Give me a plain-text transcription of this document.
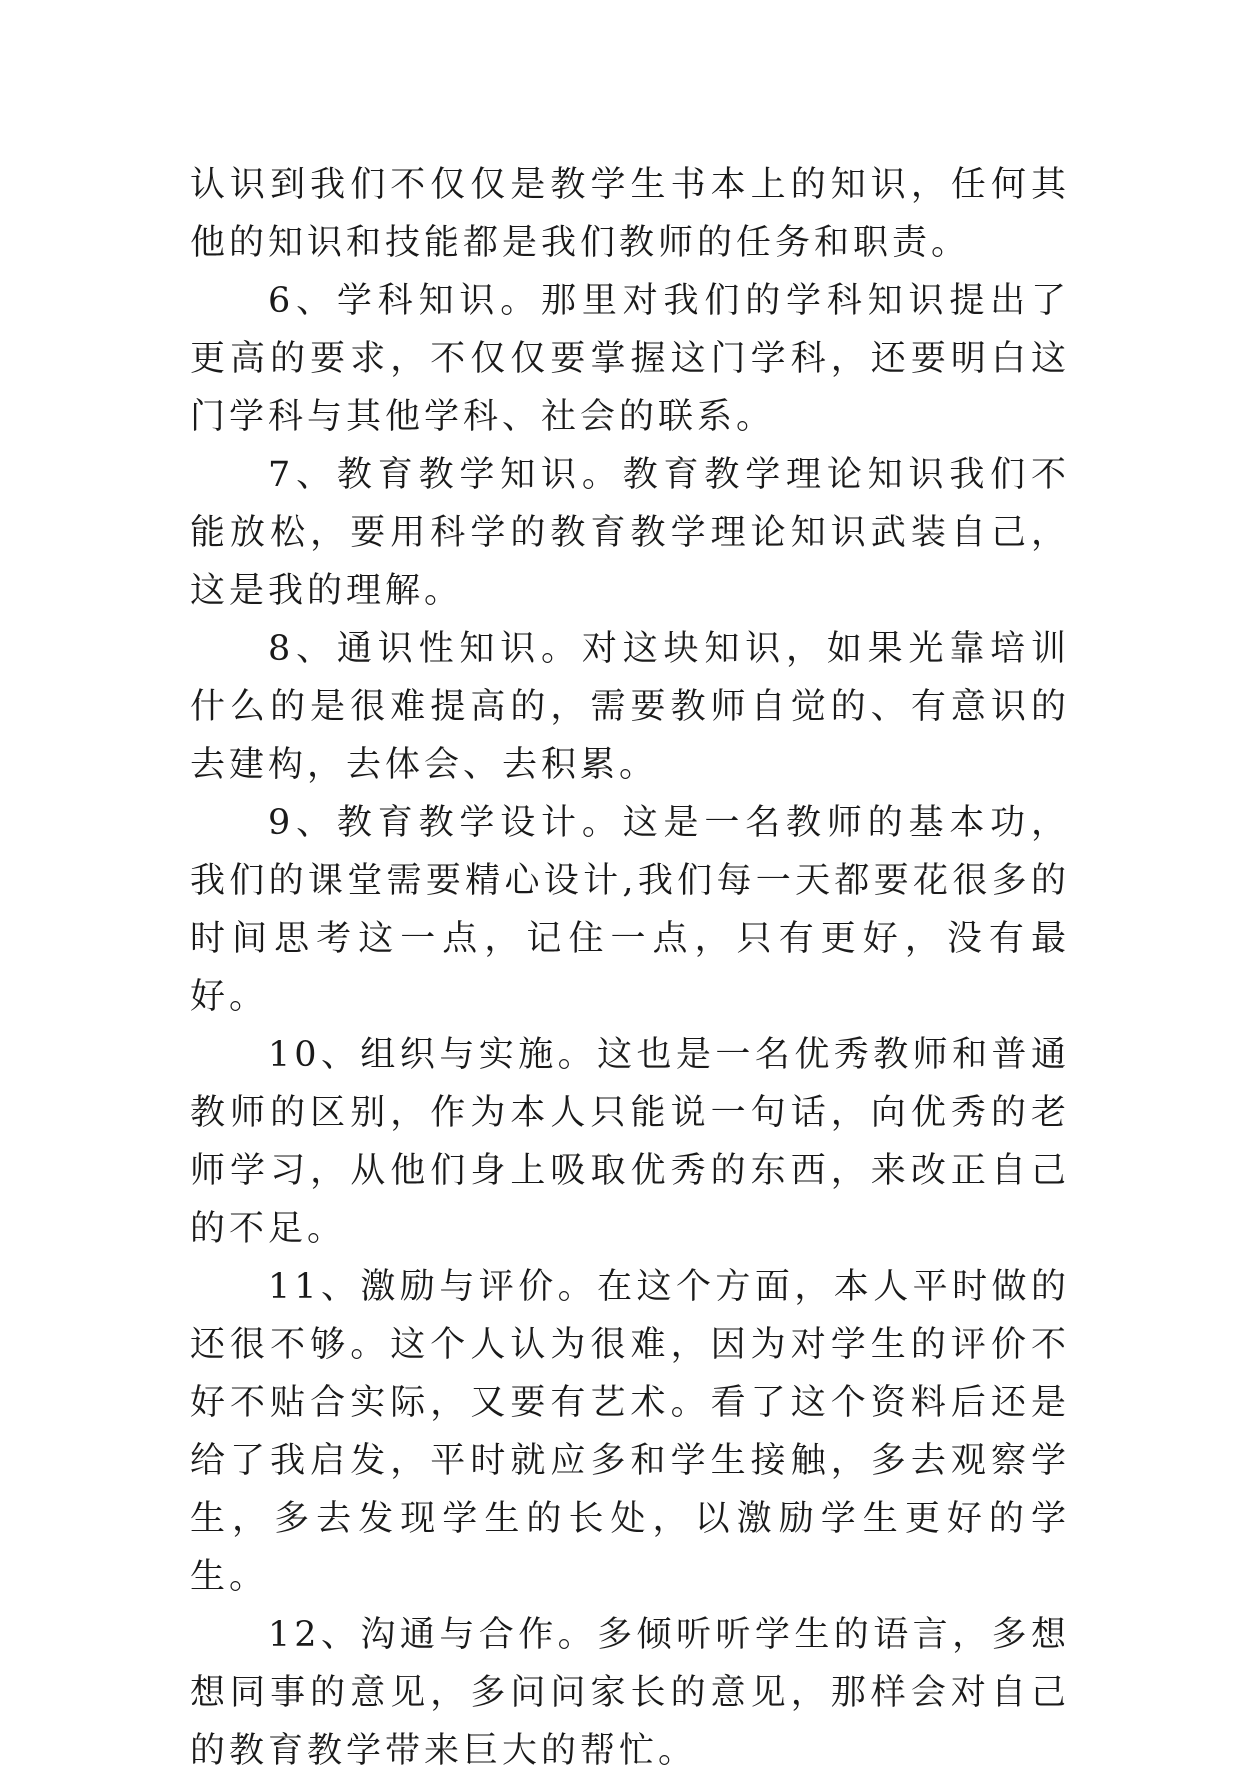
认识到我们不仅仅是教学生书本上的知识，任何其他的知识和技能都是我们教师的任务和职责。

6、学科知识。那里对我们的学科知识提出了更高的要求，不仅仅要掌握这门学科，还要明白这门学科与其他学科、社会的联系。

7、教育教学知识。教育教学理论知识我们不能放松，要用科学的教育教学理论知识武装自己，这是我的理解。

8、通识性知识。对这块知识，如果光靠培训什么的是很难提高的，需要教师自觉的、有意识的去建构，去体会、去积累。

9、教育教学设计。这是一名教师的基本功，我们的课堂需要精心设计,我们每一天都要花很多的时间思考这一点，记住一点，只有更好，没有最好。

10、组织与实施。这也是一名优秀教师和普通教师的区别，作为本人只能说一句话，向优秀的老师学习，从他们身上吸取优秀的东西，来改正自己的不足。

11、激励与评价。在这个方面，本人平时做的还很不够。这个人认为很难，因为对学生的评价不好不贴合实际，又要有艺术。看了这个资料后还是给了我启发，平时就应多和学生接触，多去观察学生，多去发现学生的长处，以激励学生更好的学生。

12、沟通与合作。多倾听听学生的语言，多想想同事的意见，多问问家长的意见，那样会对自己的教育教学带来巨大的帮忙。
